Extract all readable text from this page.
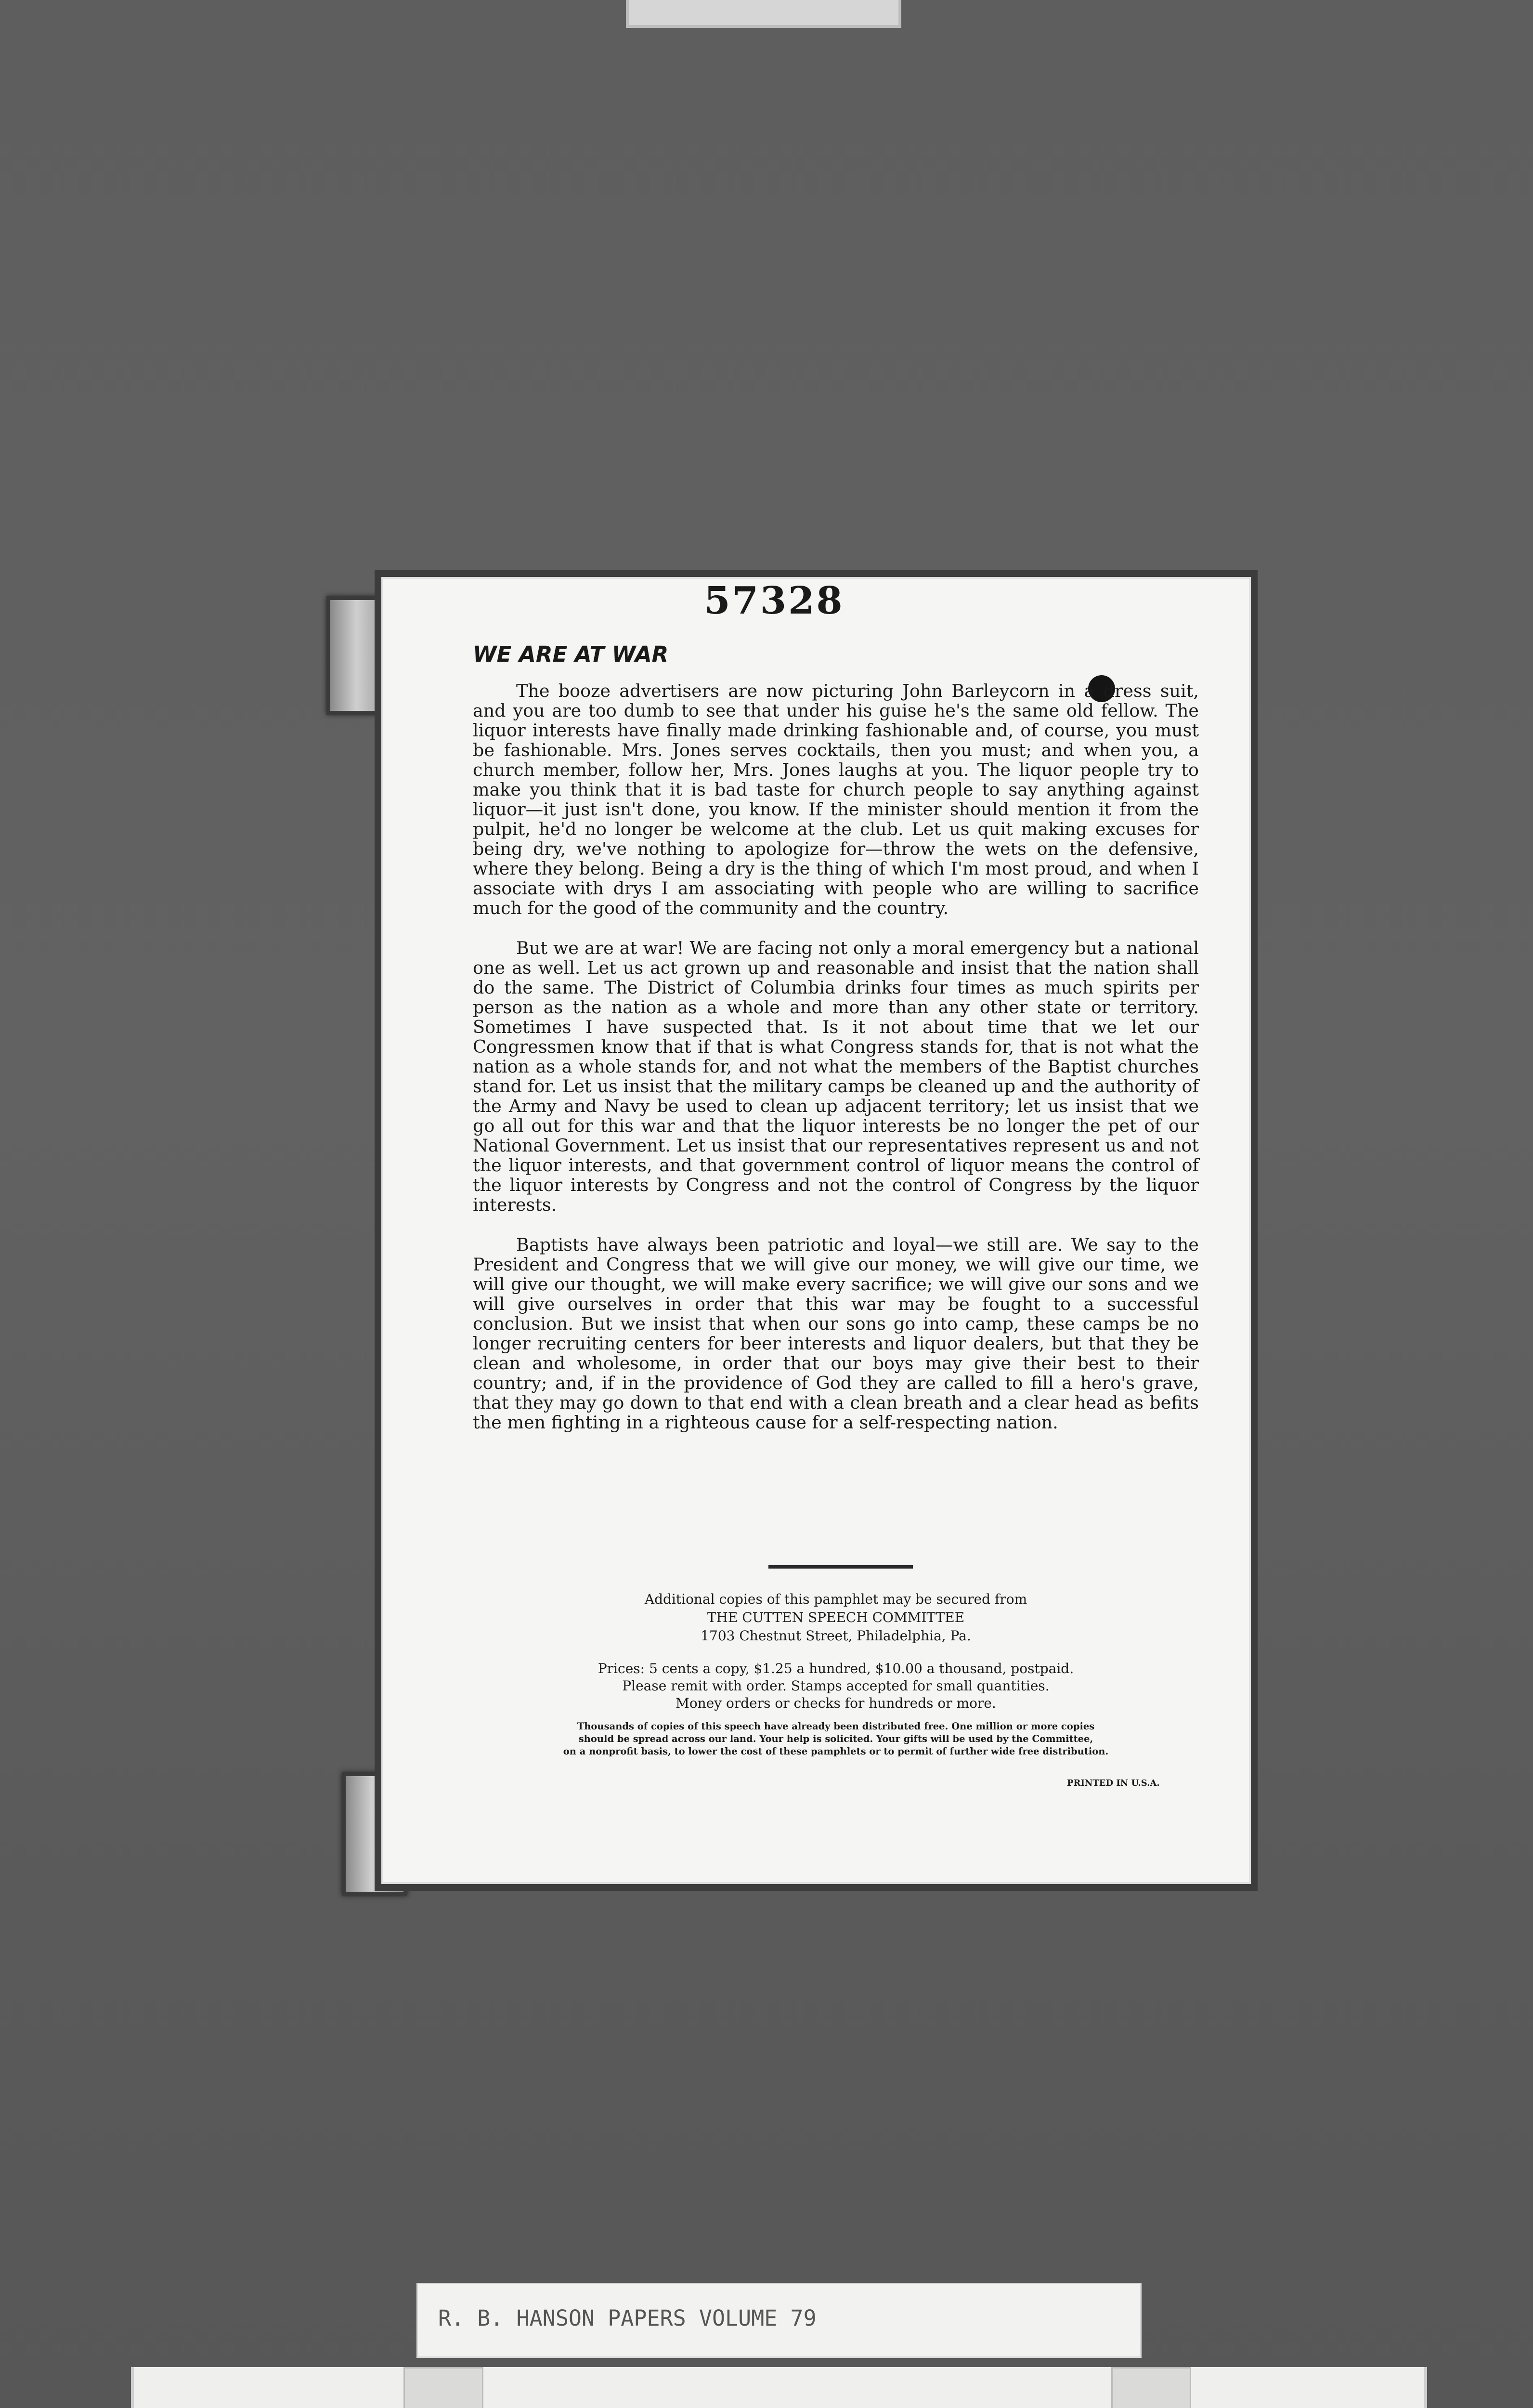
57328
WE ARE AT WAR

The booze advertisers are now picturing John Barleycorn in a dress suit, and you are too dumb to see that under his guise he's the same old fellow. The liquor interests have finally made drinking fashionable and, of course, you must be fashionable. Mrs. Jones serves cocktails, then you must; and when you, a church member, follow her, Mrs. Jones laughs at you. The liquor people try to make you think that it is bad taste for church people to say anything against liquor—it just isn't done, you know. If the minister should mention it from the pulpit, he'd no longer be welcome at the club. Let us quit making excuses for being dry, we've nothing to apologize for—throw the wets on the defensive, where they belong. Being a dry is the thing of which I'm most proud, and when I associate with drys I am associating with people who are willing to sacrifice much for the good of the community and the country.

But we are at war! We are facing not only a moral emergency but a national one as well. Let us act grown up and reasonable and insist that the nation shall do the same. The District of Columbia drinks four times as much spirits per person as the nation as a whole and more than any other state or territory. Sometimes I have suspected that. Is it not about time that we let our Congressmen know that if that is what Congress stands for, that is not what the nation as a whole stands for, and not what the members of the Baptist churches stand for. Let us insist that the military camps be cleaned up and the authority of the Army and Navy be used to clean up adjacent territory; let us insist that we go all out for this war and that the liquor interests be no longer the pet of our National Government. Let us insist that our representatives represent us and not the liquor interests, and that government control of liquor means the control of the liquor interests by Congress and not the control of Congress by the liquor interests.

Baptists have always been patriotic and loyal—we still are. We say to the President and Congress that we will give our money, we will give our time, we will give our thought, we will make every sacrifice; we will give our sons and we will give ourselves in order that this war may be fought to a successful conclusion. But we insist that when our sons go into camp, these camps be no longer recruiting centers for beer interests and liquor dealers, but that they be clean and wholesome, in order that our boys may give their best to their country; and, if in the providence of God they are called to fill a hero's grave, that they may go down to that end with a clean breath and a clear head as befits the men fighting in a righteous cause for a self-respecting nation.

Additional copies of this pamphlet may be secured from
THE CUTTEN SPEECH COMMITTEE
1703 Chestnut Street, Philadelphia, Pa.
Prices: 5 cents a copy, $1.25 a hundred, $10.00 a thousand, postpaid.
Please remit with order. Stamps accepted for small quantities.
Money orders or checks for hundreds or more.
Thousands of copies of this speech have already been distributed free. One million or more copies
should be spread across our land. Your help is solicited. Your gifts will be used by the Committee,
on a nonprofit basis, to lower the cost of these pamphlets or to permit of further wide free distribution.
PRINTED IN U.S.A.
R. B. HANSON PAPERS VOLUME 79
